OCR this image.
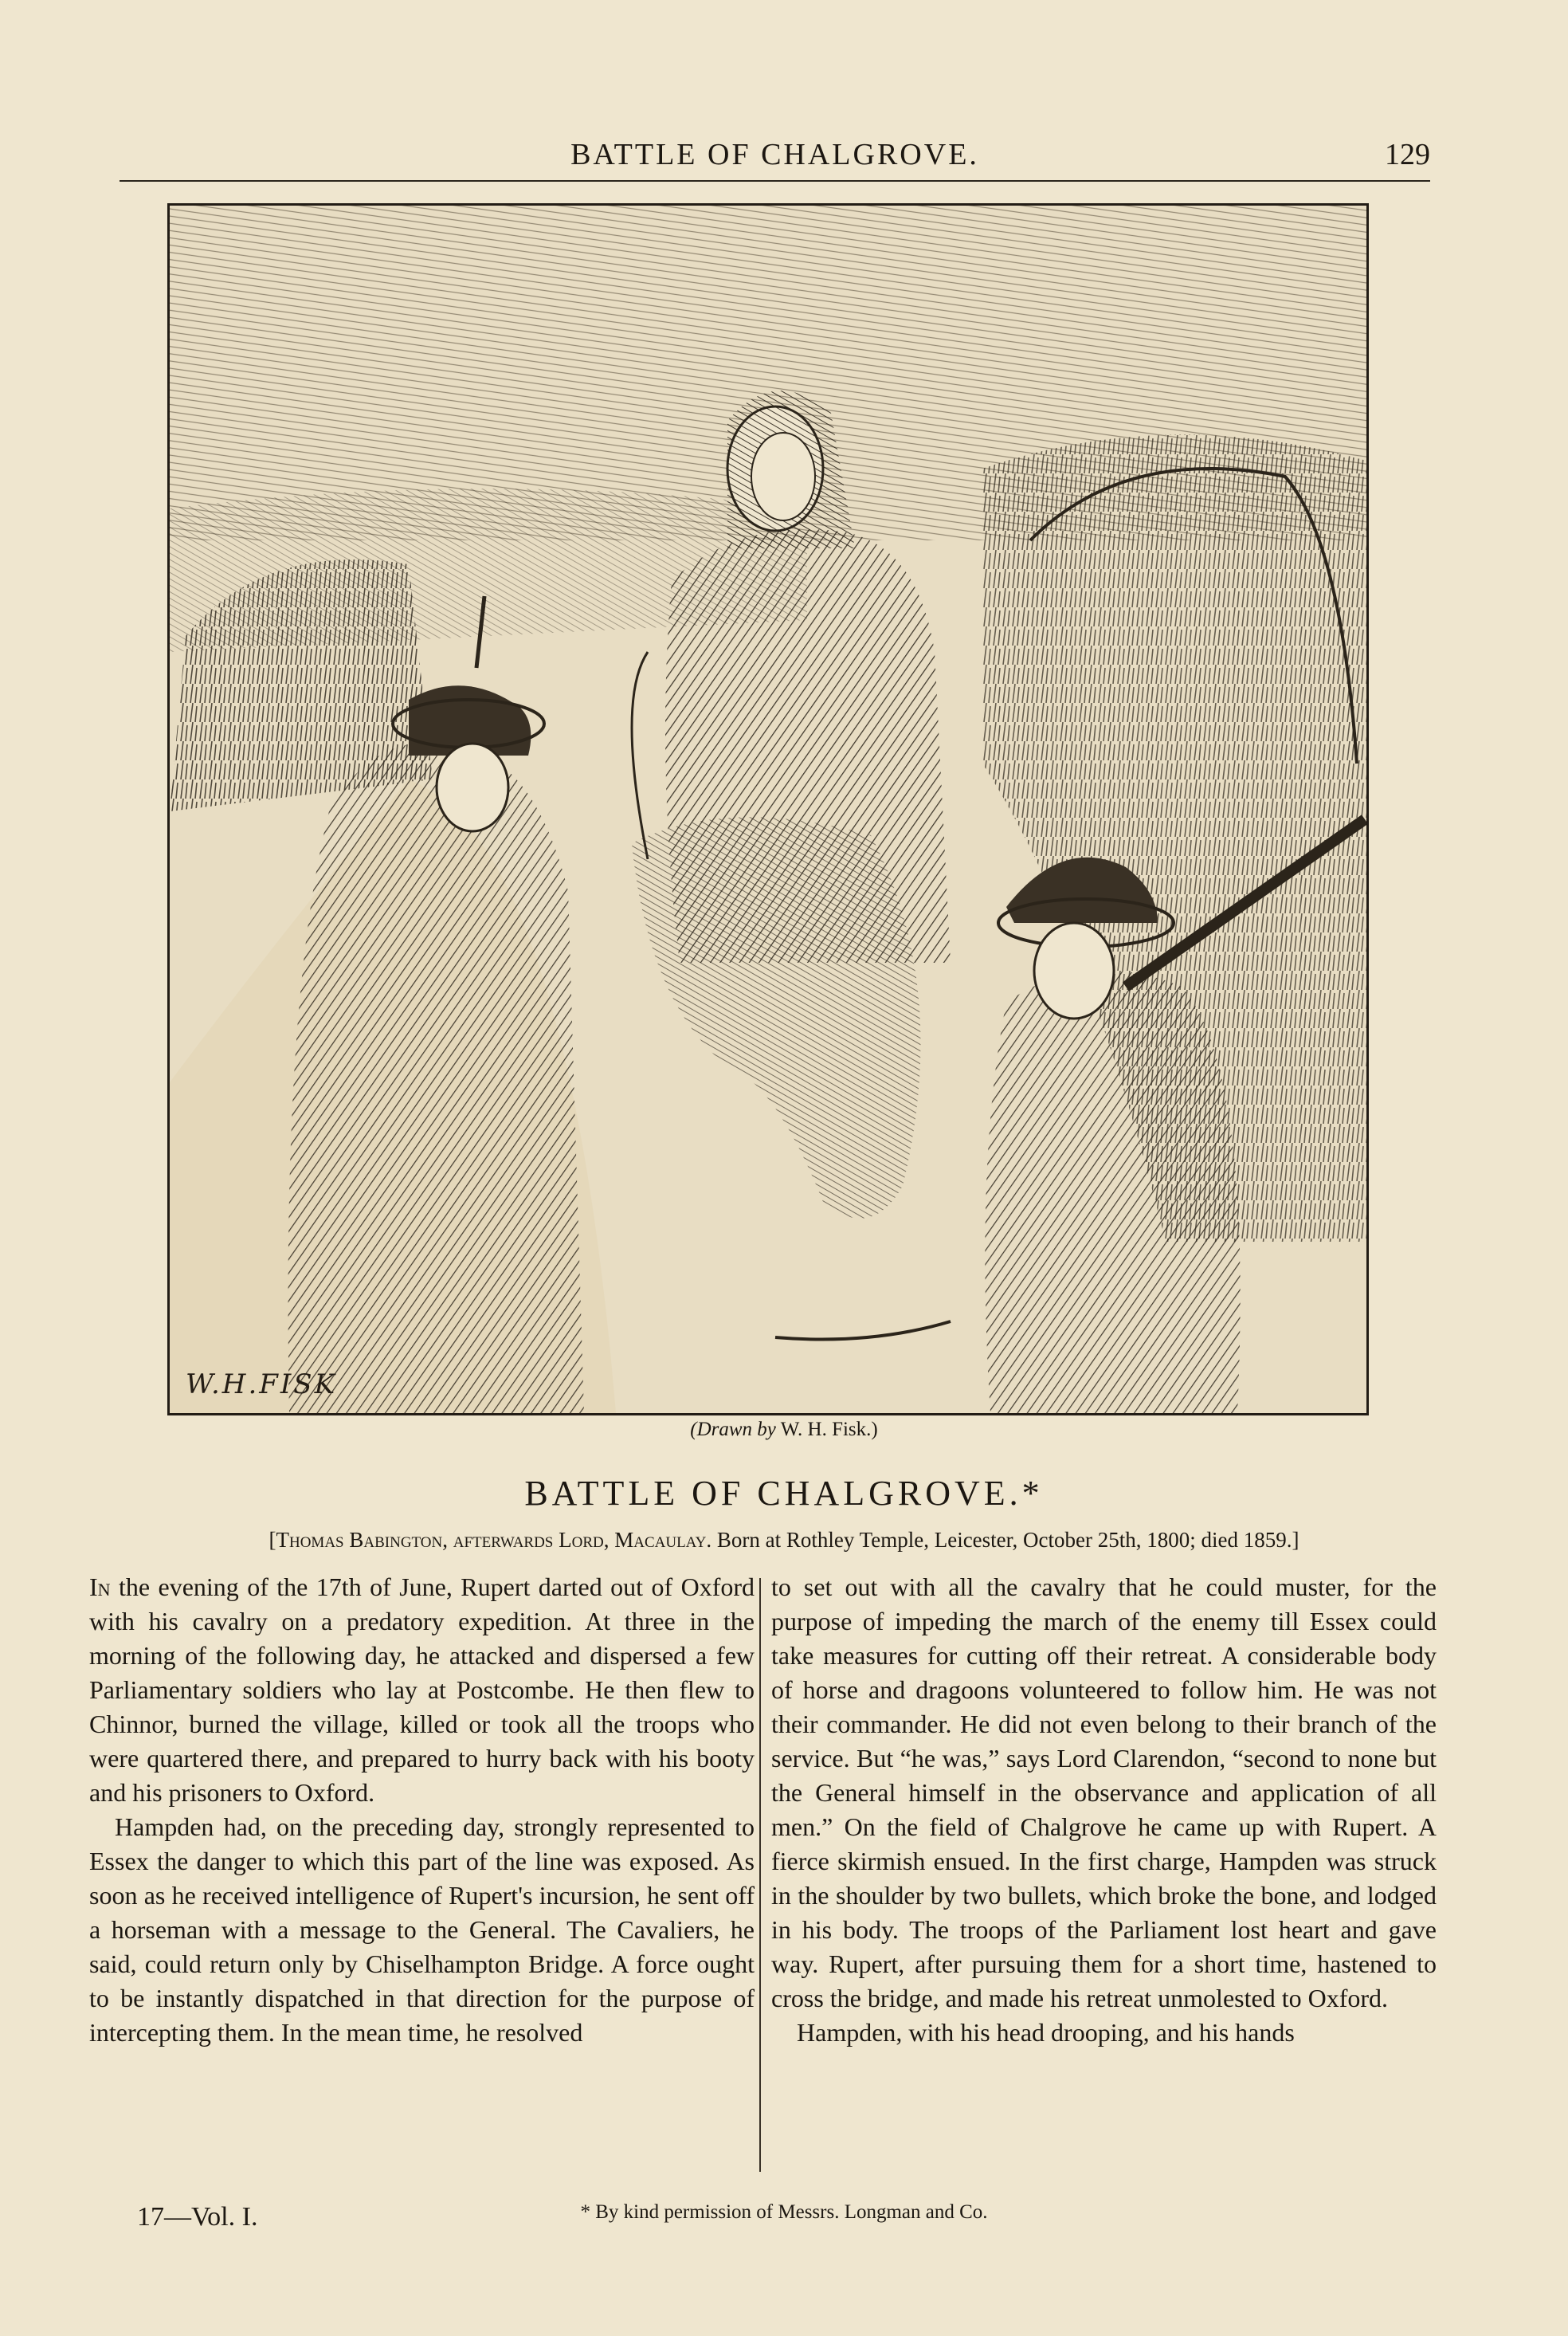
BATTLE OF CHALGROVE.	129
W.H.FISK
(Drawn by W. H. Fisk.)
BATTLE OF CHALGROVE.*
[Thomas Babington, afterwards Lord, Macaulay. Born at Rothley Temple, Leicester, October 25th, 1800; died 1859.]

In the evening of the 17th of June, Rupert darted out of Oxford with his cavalry on a predatory expedition. At three in the morning of the following day, he attacked and dispersed a few Parliamentary soldiers who lay at Postcombe. He then flew to Chinnor, burned the village, killed or took all the troops who were quartered there, and prepared to hurry back with his booty and his prisoners to Oxford.

Hampden had, on the preceding day, strongly represented to Essex the danger to which this part of the line was exposed. As soon as he received intelligence of Rupert's incursion, he sent off a horseman with a message to the General. The Cavaliers, he said, could return only by Chiselhampton Bridge. A force ought to be instantly dispatched in that direction for the purpose of intercepting them. In the mean time, he resolved

to set out with all the cavalry that he could muster, for the purpose of impeding the march of the enemy till Essex could take measures for cutting off their retreat. A considerable body of horse and dragoons volunteered to follow him. He was not their commander. He did not even belong to their branch of the service. But “he was,” says Lord Clarendon, “second to none but the General himself in the observance and application of all men.” On the field of Chalgrove he came up with Rupert. A fierce skirmish ensued. In the first charge, Hampden was struck in the shoulder by two bullets, which broke the bone, and lodged in his body. The troops of the Parliament lost heart and gave way. Rupert, after pursuing them for a short time, hastened to cross the bridge, and made his retreat unmolested to Oxford.

Hampden, with his head drooping, and his hands

17—Vol. I.	* By kind permission of Messrs. Longman and Co.
